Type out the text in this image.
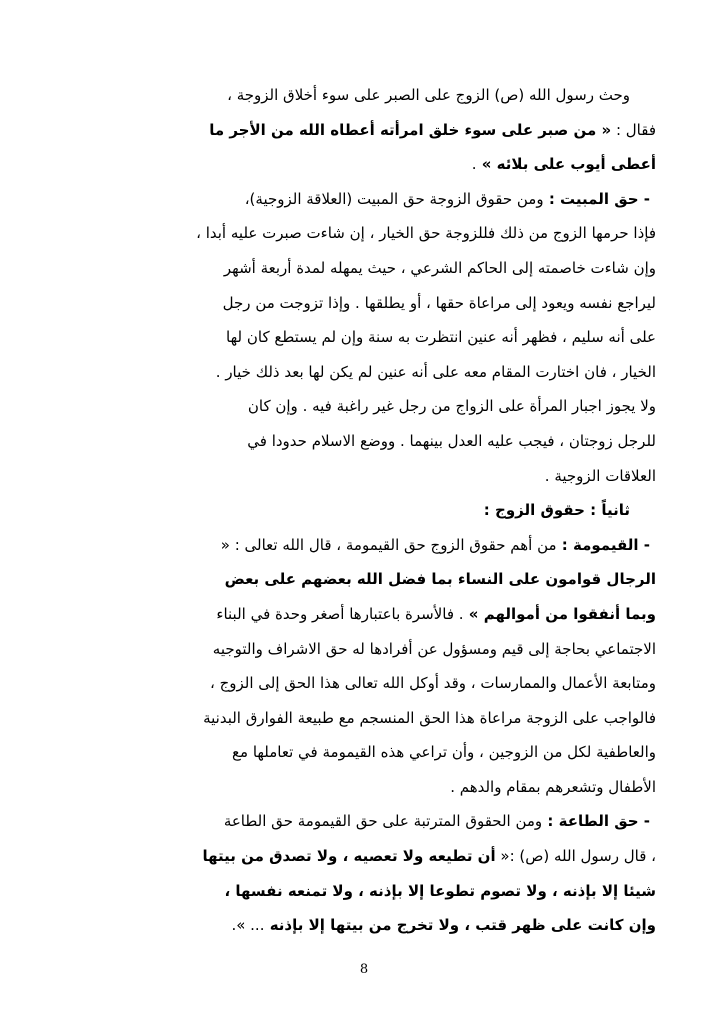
وحث رسول الله (ص) الزوج على الصبر على سوء أخلاق الزوجة ،
فقال : « من صبر على سوء خلق امرأته أعطاه الله من الأجر ما
أعطى أيوب على بلائه » .
- حق المبيت : ومن حقوق الزوجة حق المبيت (العلاقة الزوجية)،
فإذا حرمها الزوج من ذلك فللزوجة حق الخيار ، إن شاءت صبرت عليه أبدا ،
وإن شاءت خاصمته إلى الحاكم الشرعي ، حيث يمهله لمدة أربعة أشهر
ليراجع نفسه ويعود إلى مراعاة حقها ، أو يطلقها . وإذا تزوجت من رجل
على أنه سليم ، فظهر أنه عنين انتظرت به سنة وإن لم يستطع كان لها
الخيار ، فان اختارت المقام معه على أنه عنين لم يكن لها بعد ذلك خيار .
ولا يجوز اجبار المرأة على الزواج من رجل غير راغبة فيه . وإن كان
للرجل زوجتان ، فيجب عليه العدل بينهما . ووضع الاسلام حدودا في
العلاقات الزوجية .
ثانياً : حقوق الزوج :
- القيمومة : من أهم حقوق الزوج حق القيمومة ، قال الله تعالى : «
الرجال قوامون على النساء بما فضل الله بعضهم على بعض
وبما أنفقوا من أموالهم » . فالأسرة باعتبارها أصغر وحدة في البناء
الاجتماعي بحاجة إلى قيم ومسؤول عن أفرادها له حق الاشراف والتوجيه
ومتابعة الأعمال والممارسات ، وقد أوكل الله تعالى هذا الحق إلى الزوج ،
فالواجب على الزوجة مراعاة هذا الحق المنسجم مع طبيعة الفوارق البدنية
والعاطفية لكل من الزوجين ، وأن تراعي هذه القيمومة في تعاملها مع
الأطفال وتشعرهم بمقام والدهم .
- حق الطاعة : ومن الحقوق المترتبة على حق القيمومة حق الطاعة
، قال رسول الله (ص) :« أن تطيعه ولا تعصيه ، ولا تصدق من بيتها
شيئا إلا بإذنه ، ولا تصوم تطوعا إلا بإذنه ، ولا تمنعه نفسها ،
وإن كانت على ظهر قتب ، ولا تخرج من بيتها إلا بإذنه ... ».
8
